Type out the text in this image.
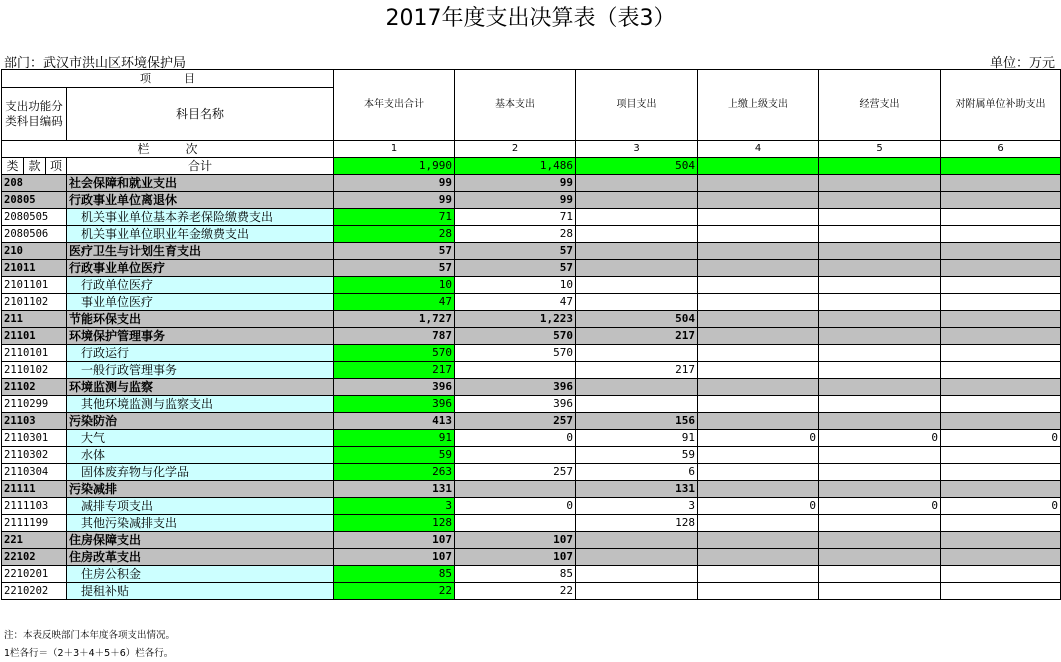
2017年度支出决算表（表3）
部门：武汉市洪山区环境保护局	单位：万元
项　　　目				本年支出合计	基本支出	项目支出	上缴上级支出	经营支出	对附属单位补助支出
支出功能分类科目编码			科目名称						

栏　　　次				1	2	3	4	5	6
类	款	项	合计	1,990	1,486	504			
208			社会保障和就业支出	99	99				
20805			行政事业单位离退休	99	99				
2080505			机关事业单位基本养老保险缴费支出	71	71				
2080506			机关事业单位职业年金缴费支出	28	28				
210			医疗卫生与计划生育支出	57	57				
21011			行政事业单位医疗	57	57				
2101101			行政单位医疗	10	10				
2101102			事业单位医疗	47	47				
211			节能环保支出	1,727	1,223	504			
21101			环境保护管理事务	787	570	217			
2110101			行政运行	570	570				
2110102			一般行政管理事务	217		217			
21102			环境监测与监察	396	396				
2110299			其他环境监测与监察支出	396	396				
21103			污染防治	413	257	156			
2110301			大气	91	0	91	0	0	0
2110302			水体	59		59			
2110304			固体废弃物与化学品	263	257	6			
21111			污染减排	131		131			
2111103			减排专项支出	3	0	3	0	0	0
2111199			其他污染减排支出	128		128			
221			住房保障支出	107	107				
22102			住房改革支出	107	107				
2210201			住房公积金	85	85				
2210202			提租补贴	22	22				
注：本表反映部门本年度各项支出情况。
1栏各行＝（2＋3＋4＋5＋6）栏各行。
